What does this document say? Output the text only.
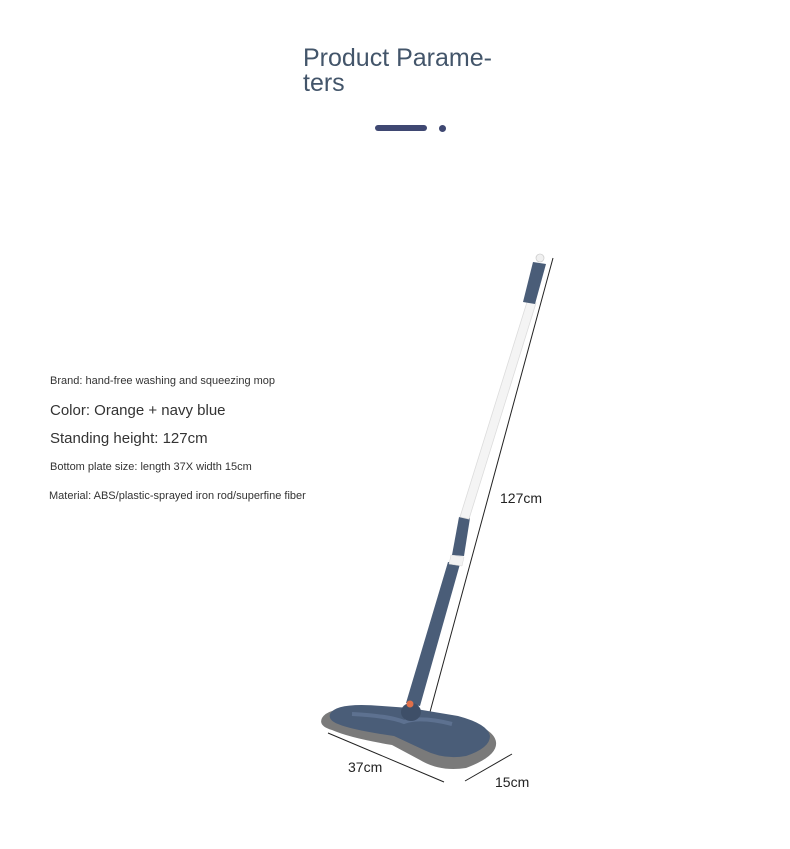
Product Parame-
ters
Brand: hand-free washing and squeezing mop
Color: Orange + navy blue
Standing height: 127cm
Bottom plate size: length 37X width 15cm
Material: ABS/plastic-sprayed iron rod/superfine fiber	127cm
37cm
15cm
